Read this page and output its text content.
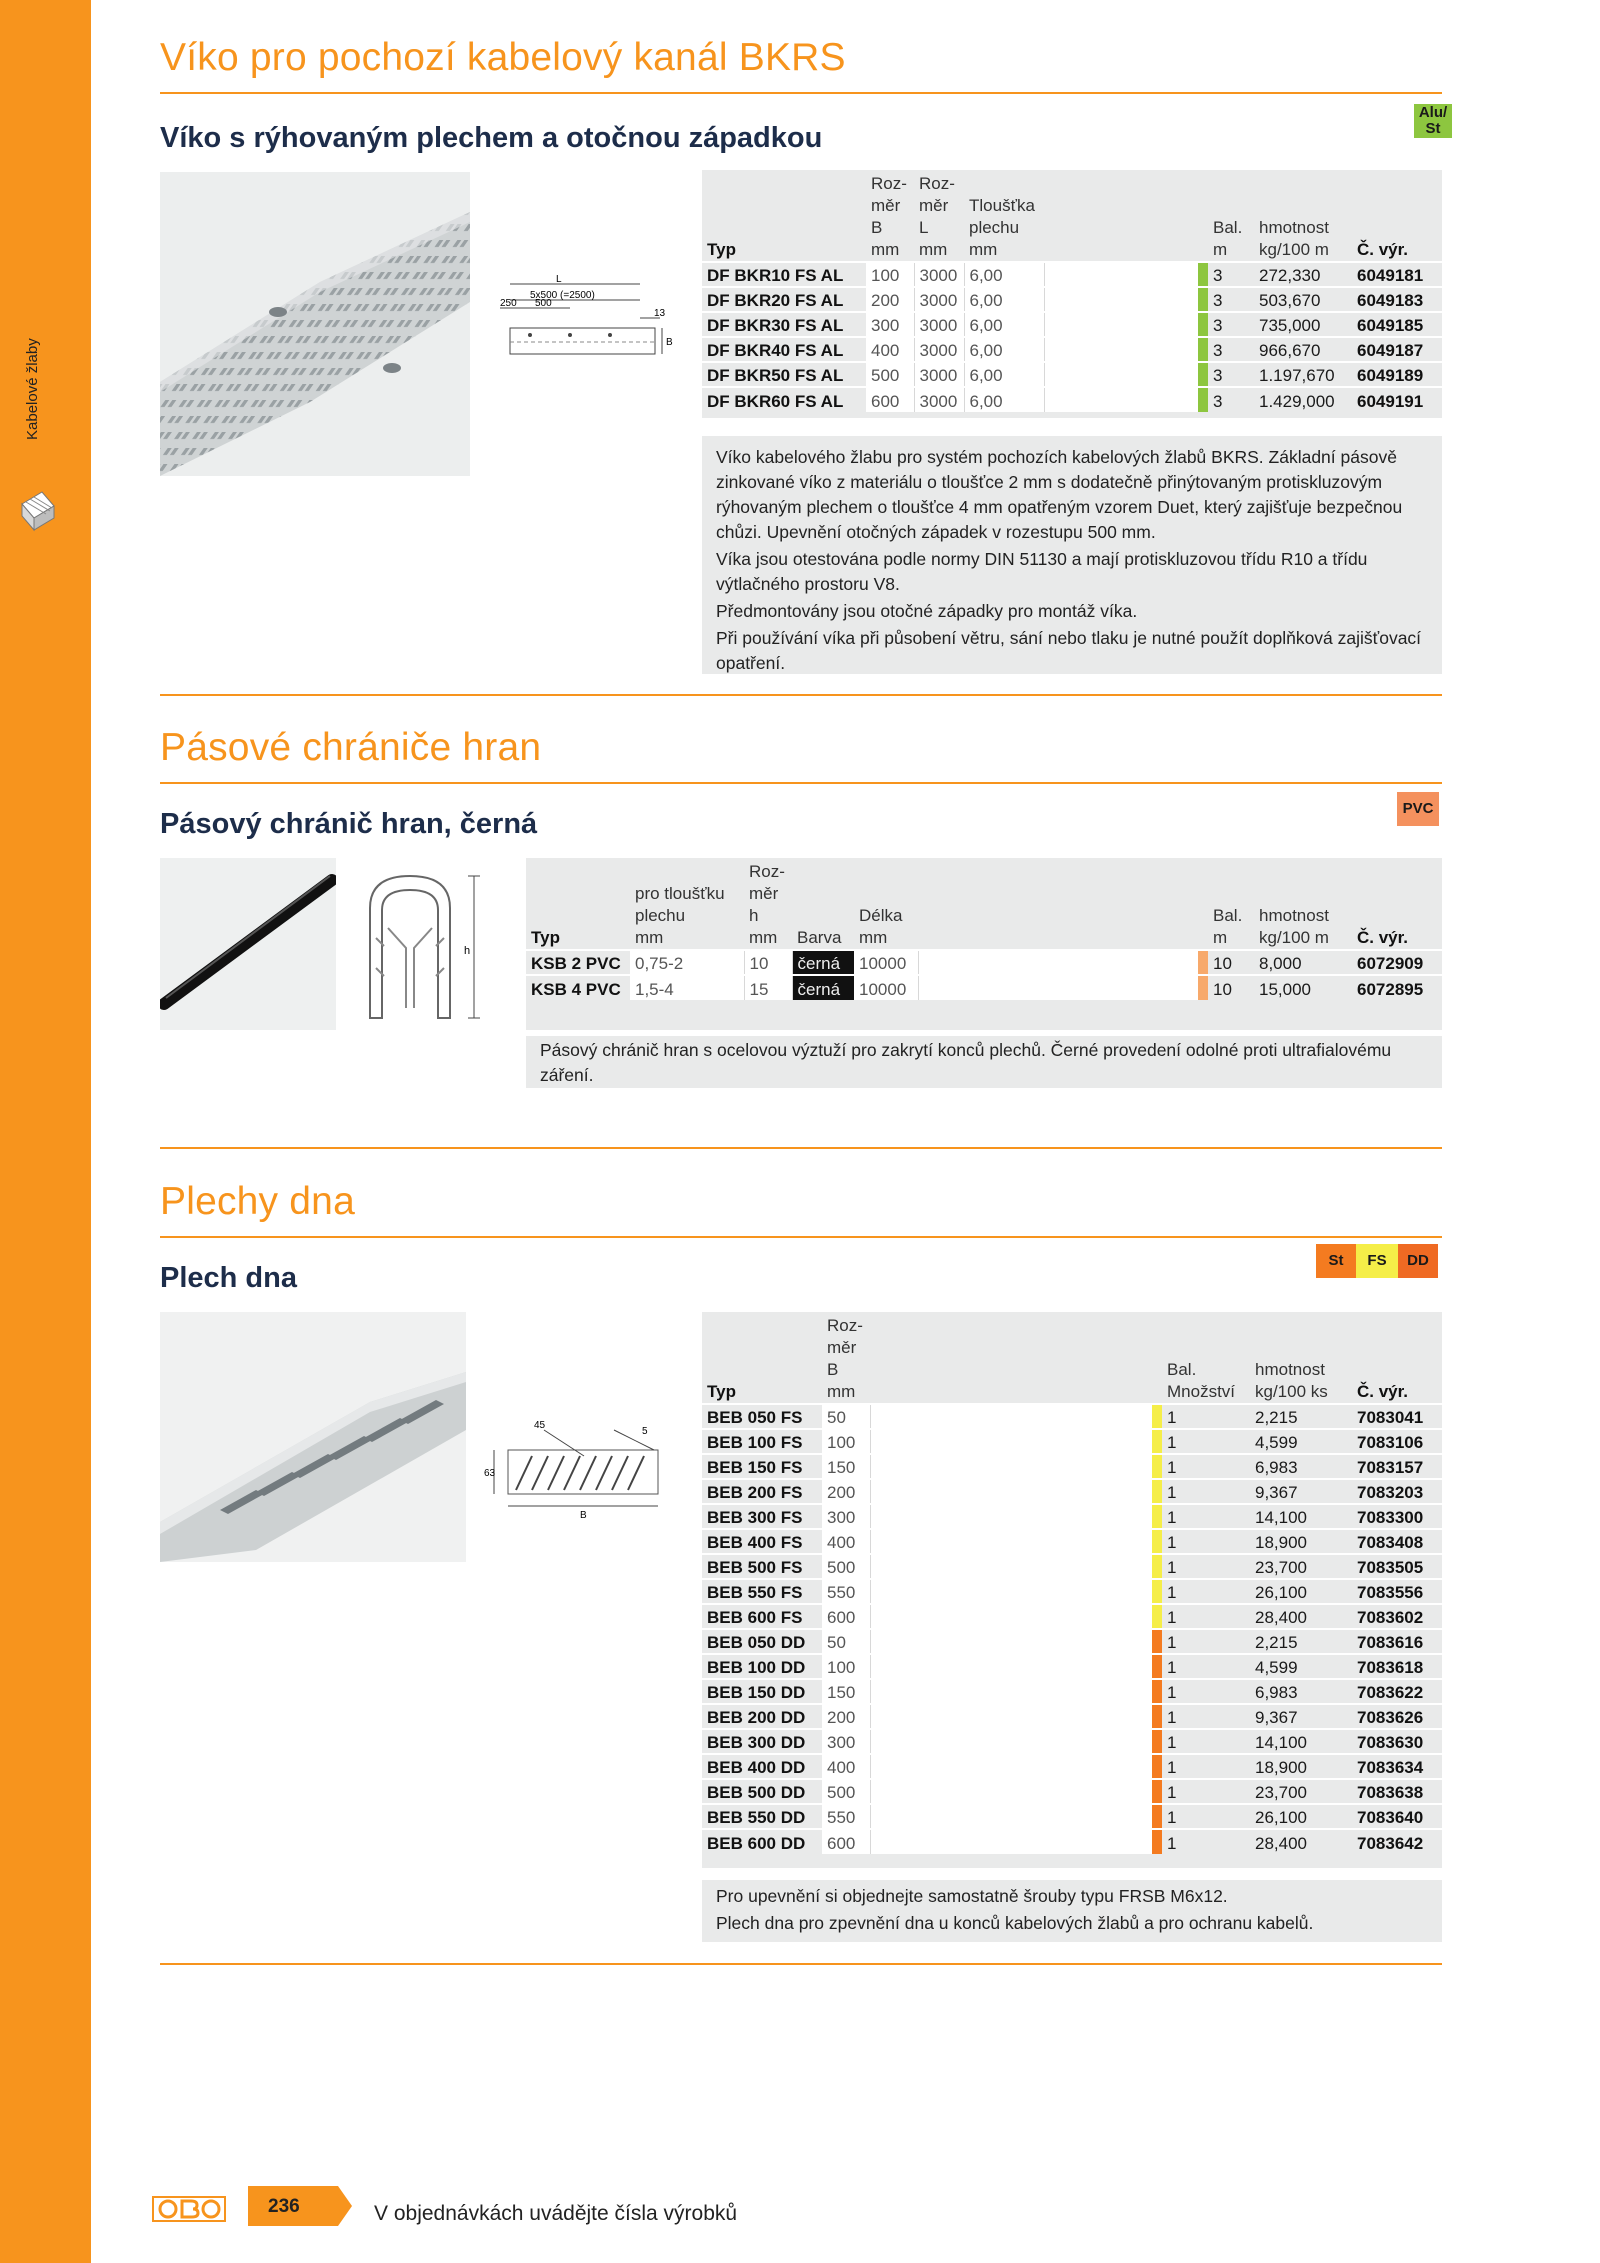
Kabelové žlaby
Víko pro pochozí kabelový kanál BKRS
Víko s rýhovaným plechem a otočnou západkou
Alu/ St
L
5x500 (=2500)
250 500
13
B
Typ	Roz-
měr
B
mm	Roz-
měr
L
mm	Tloušťka
plechu
mm			Bal.
m	hmotnost
kg/100 m	Č. výr.
DF BKR10 FS AL	100	3000	6,00			3	272,330	6049181
DF BKR20 FS AL	200	3000	6,00			3	503,670	6049183
DF BKR30 FS AL	300	3000	6,00			3	735,000	6049185
DF BKR40 FS AL	400	3000	6,00			3	966,670	6049187
DF BKR50 FS AL	500	3000	6,00			3	1.197,670	6049189
DF BKR60 FS AL	600	3000	6,00			3	1.429,000	6049191

Víko kabelového žlabu pro systém pochozích kabelových žlabů BKRS. Základní pásově zinkované víko z materiálu o tloušťce 2 mm s dodatečně přinýtovaným protiskluzovým rýhovaným plechem o tloušťce 4 mm opatřeným vzorem Duet, který zajišťuje bezpečnou chůzi. Upevnění otočných západek v rozestupu 500 mm.

Víka jsou otestována podle normy DIN 51130 a mají protiskluzovou třídu R10 a třídu výtlačného prostoru V8.

Předmontovány jsou otočné západky pro montáž víka.

Při používání víka při působení větru, sání nebo tlaku je nutné použít doplňková zajišťovací opatření.

Pásové chrániče hran
Pásový chránič hran, černá	PVC
h
Typ	pro tloušťku
plechu
mm	Roz-
měr
h
mm	Barva	Délka
mm			Bal.
m	hmotnost
kg/100 m	Č. výr.
KSB 2 PVC	0,75-2	10	černá	10000			10	8,000	6072909
KSB 4 PVC	1,5-4	15	černá	10000			10	15,000	6072895

Pásový chránič hran s ocelovou výztuží pro zakrytí konců plechů. Černé provedení odolné proti ultrafialovému záření.

Plechy dna
Plech dna
St	FS	DD
45
63
B
5
Typ	Roz-
měr
B
mm			Bal.
Množství	hmotnost
kg/100 ks	Č. výr.
BEB 050 FS	50			1	2,215	7083041
BEB 100 FS	100			1	4,599	7083106
BEB 150 FS	150			1	6,983	7083157
BEB 200 FS	200			1	9,367	7083203
BEB 300 FS	300			1	14,100	7083300
BEB 400 FS	400			1	18,900	7083408
BEB 500 FS	500			1	23,700	7083505
BEB 550 FS	550			1	26,100	7083556
BEB 600 FS	600			1	28,400	7083602
BEB 050 DD	50			1	2,215	7083616
BEB 100 DD	100			1	4,599	7083618
BEB 150 DD	150			1	6,983	7083622
BEB 200 DD	200			1	9,367	7083626
BEB 300 DD	300			1	14,100	7083630
BEB 400 DD	400			1	18,900	7083634
BEB 500 DD	500			1	23,700	7083638
BEB 550 DD	550			1	26,100	7083640
BEB 600 DD	600			1	28,400	7083642

Pro upevnění si objednejte samostatně šrouby typu FRSB M6x12.

Plech dna pro zpevnění dna u konců kabelových žlabů a pro ochranu kabelů.

236	V objednávkách uvádějte čísla výrobků
